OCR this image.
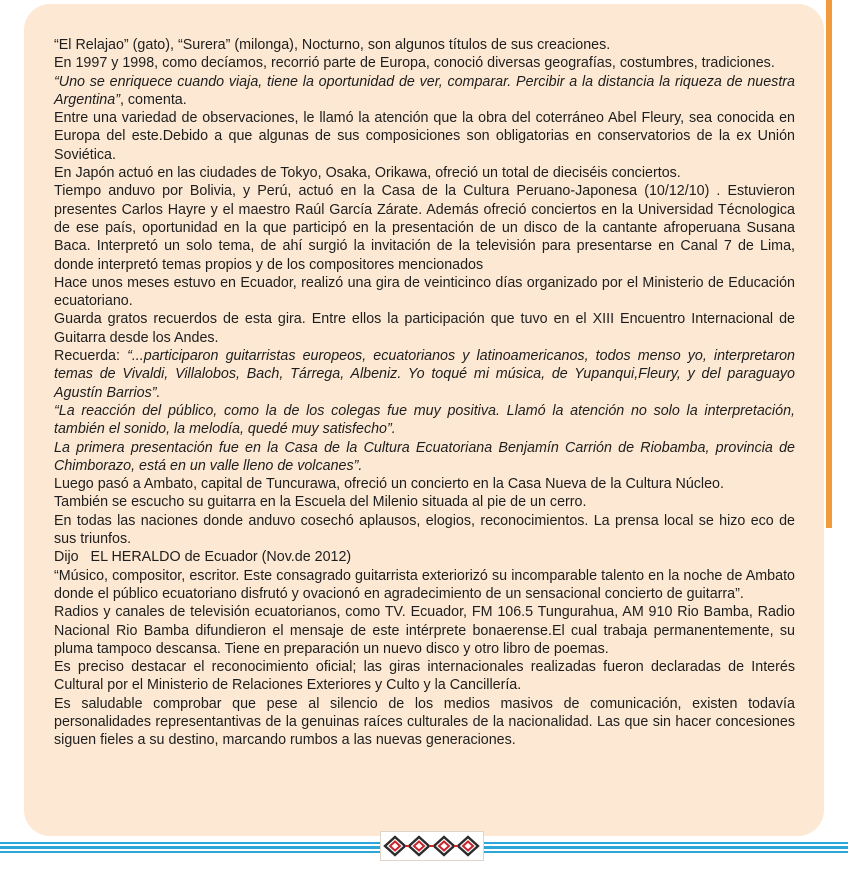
“El Relajao” (gato), “Surera” (milonga), Nocturno, son algunos títulos de sus creaciones.

En 1997 y 1998, como decíamos, recorrió parte de Europa, conoció diversas geografías, costumbres, tradiciones.

“Uno se enriquece cuando viaja, tiene la oportunidad de ver, comparar. Percibir a la distancia la riqueza de nuestra Argentina”, comenta.

Entre una variedad de observaciones, le llamó la atención que la obra del coterráneo Abel Fleury, sea conocida en Europa del este.Debido a que algunas de sus composiciones son obligatorias en conservatorios de la ex Unión Soviética.

En Japón actuó en las ciudades de Tokyo, Osaka, Orikawa, ofreció un total de dieciséis conciertos.

Tiempo anduvo por Bolivia, y Perú, actuó en la Casa de la Cultura Peruano-Japonesa (10/12/10) . Estuvieron presentes Carlos Hayre y el maestro Raúl García Zárate. Además ofreció conciertos en la Universidad Técnologica de ese país, oportunidad en la que participó en la presentación de un disco de la cantante afroperuana Susana Baca. Interpretó un solo tema, de ahí surgió la invitación de la televisión para presentarse en Canal 7 de Lima, donde interpretó temas propios y de los compositores mencionados

Hace unos meses estuvo en Ecuador, realizó una gira de veinticinco días organizado por el Ministerio de Educación ecuatoriano.

Guarda gratos recuerdos de esta gira. Entre ellos la participación que tuvo en el XIII Encuentro Internacional de Guitarra desde los Andes.

Recuerda: “...participaron guitarristas europeos, ecuatorianos y latinoamericanos, todos menso yo, interpretaron temas de Vivaldi, Villalobos, Bach, Tárrega, Albeniz. Yo toqué mi música, de Yupanqui,Fleury, y del paraguayo Agustín Barrios”.

“La reacción del público, como la de los colegas fue muy positiva. Llamó la atención no solo la interpretación, también el sonido, la melodía, quedé muy satisfecho”.

La primera presentación fue en la Casa de la Cultura Ecuatoriana Benjamín Carrión de Riobamba, provincia de Chimborazo, está en un valle lleno de volcanes”.

Luego pasó a Ambato, capital de Tuncurawa, ofreció un concierto en la Casa Nueva de la Cultura Núcleo.

También se escucho su guitarra en la Escuela del Milenio situada al pie de un cerro.

En todas las naciones donde anduvo cosechó aplausos, elogios, reconocimientos. La prensa local se hizo eco de sus triunfos.

Dijo   EL HERALDO de Ecuador (Nov.de 2012)

“Músico, compositor, escritor. Este consagrado guitarrista exteriorizó su incomparable talento en la noche de Ambato donde el público ecuatoriano disfrutó y ovacionó en agradecimiento de un sensacional concierto de guitarra”.

Radios y canales de televisión ecuatorianos, como TV. Ecuador, FM 106.5 Tungurahua, AM 910 Rio Bamba, Radio Nacional Rio Bamba difundieron el mensaje de este intérprete bonaerense.El cual trabaja permanentemente, su pluma tampoco descansa. Tiene en preparación un nuevo disco y otro libro de poemas.

Es preciso destacar el reconocimiento oficial; las giras internacionales realizadas fueron declaradas de Interés Cultural por el Ministerio de Relaciones Exteriores y Culto y la Cancillería.

Es saludable comprobar que pese al silencio de los medios masivos de comunicación, existen todavía personalidades representantivas de la genuinas raíces culturales de la nacionalidad. Las que sin hacer concesiones siguen fieles a su destino, marcando rumbos a las nuevas generaciones.
